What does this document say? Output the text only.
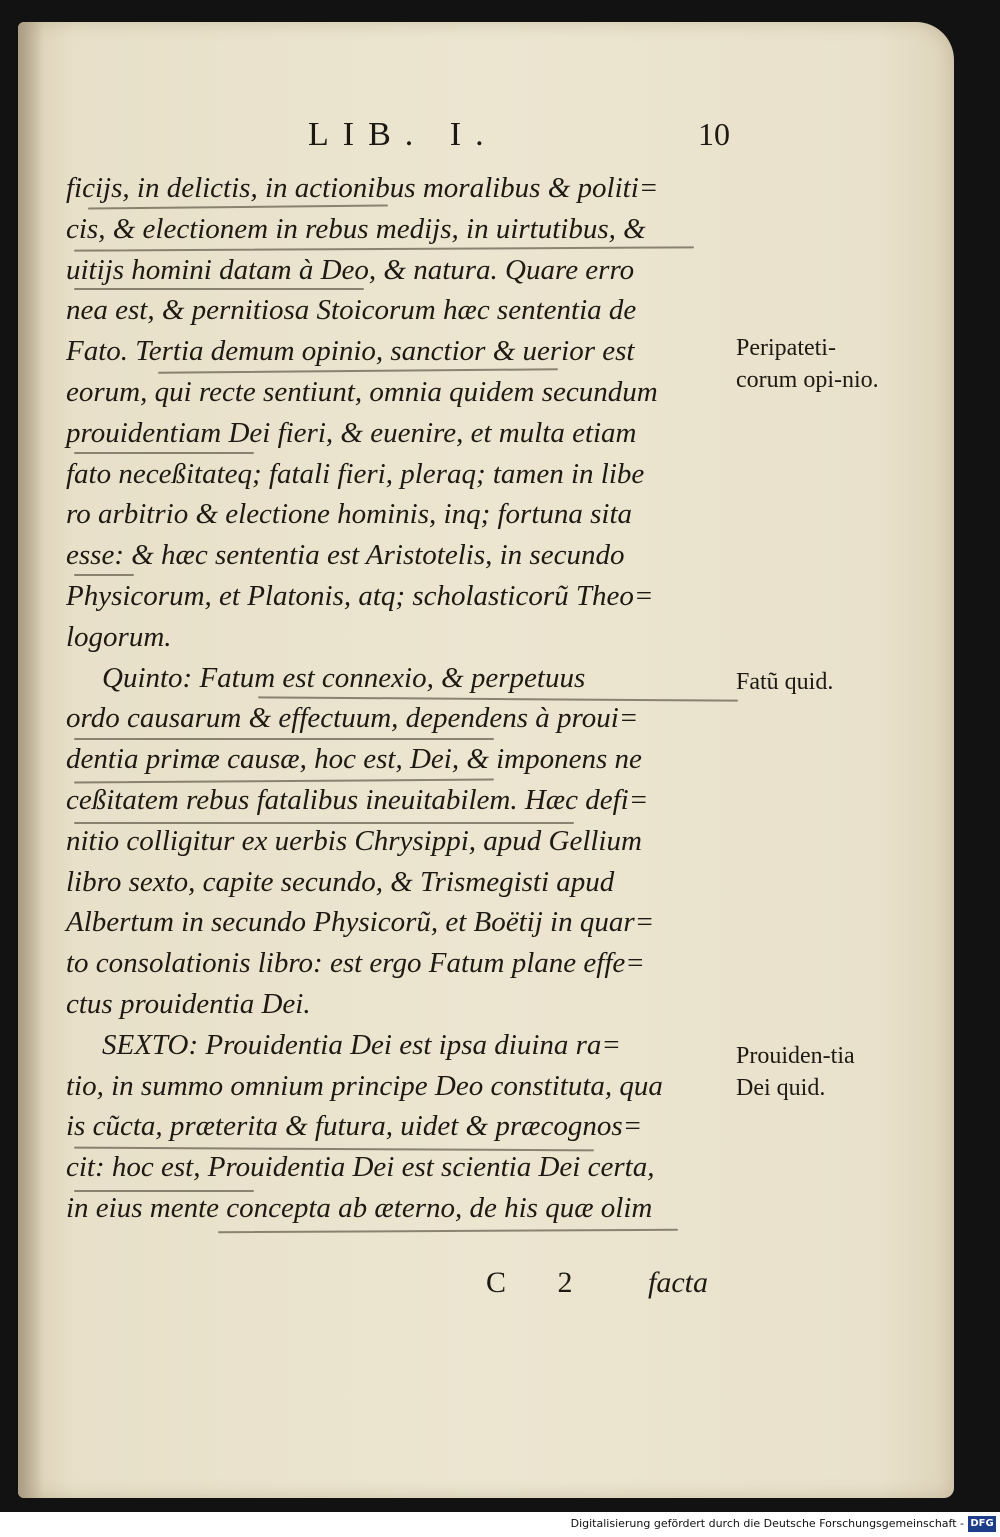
LIB. I.	10
ficijs, in delictis, in actionibus moralibus & politi=
cis, & electionem in rebus medijs, in uirtutibus, &
uitijs homini datam à Deo, & natura. Quare erro
nea est, & pernitiosa Stoicorum hæc sententia de
Fato. Tertia demum opinio, sanctior & uerior est
eorum, qui recte sentiunt, omnia quidem secundum
prouidentiam Dei fieri, & euenire, et multa etiam
fato neceßitateq; fatali fieri, pleraq; tamen in libe
ro arbitrio & electione hominis, inq; fortuna sita
esse: & hæc sententia est Aristotelis, in secundo
Physicorum, et Platonis, atq; scholasticorũ Theo=
logorum.
Quinto: Fatum est connexio, & perpetuus
ordo causarum & effectuum, dependens à proui=
dentia primæ causæ, hoc est, Dei, & imponens ne
ceßitatem rebus fatalibus ineuitabilem. Hæc defi=
nitio colligitur ex uerbis Chrysippi, apud Gellium
libro sexto, capite secundo, & Trismegisti apud
Albertum in secundo Physicorũ, et Boëtij in quar=
to consolationis libro: est ergo Fatum plane effe=
ctus prouidentia Dei.
SEXTO: Prouidentia Dei est ipsa diuina ra=
tio, in summo omnium principe Deo constituta, qua
is cũcta, præterita & futura, uidet & præcognos=
cit: hoc est, Prouidentia Dei est scientia Dei certa,
in eius mente concepta ab æterno, de his quæ olim
Peripateti-corum opi-nio.
Fatũ quid.
Prouiden-tia Dei quid.
C 2 facta
Digitalisierung gefördert durch die Deutsche Forschungsgemeinschaft - DFG
